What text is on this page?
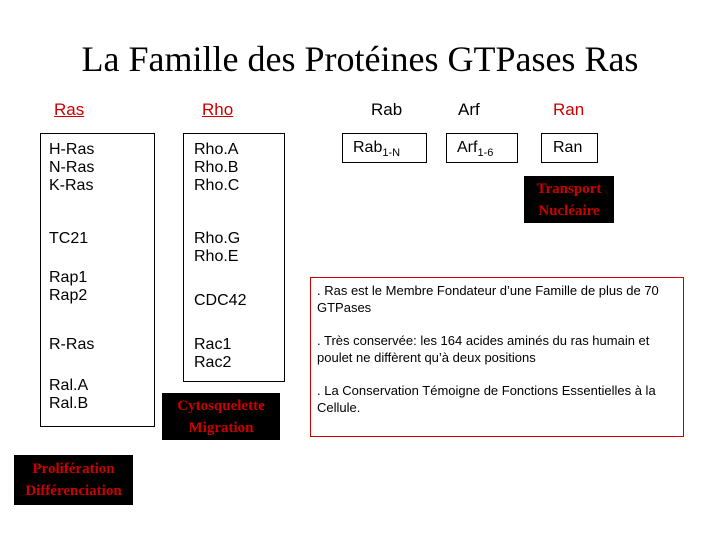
La Famille des Protéines GTPases Ras
Ras	Rho	Rab	Arf	Ran
H-Ras
N-Ras
K-Ras
TC21
Rap1
Rap2
R-Ras
Ral.A
Ral.B
Prolifération
Différenciation
Rho.A
Rho.B
Rho.C
Rho.G
Rho.E
CDC42
Rac1
Rac2
Cytosquelette
Migration
Rab$_{1-N}$	Arf$_{1-6}$	Ran
Transport
Nucléaire
. Ras est le Membre Fondateur d’une Famille de plus de 70 GTPases
. Très conservée: les 164 acides aminés du ras humain et poulet ne diffèrent qu’à deux positions
. La Conservation Témoigne de Fonctions Essentielles à la Cellule.
